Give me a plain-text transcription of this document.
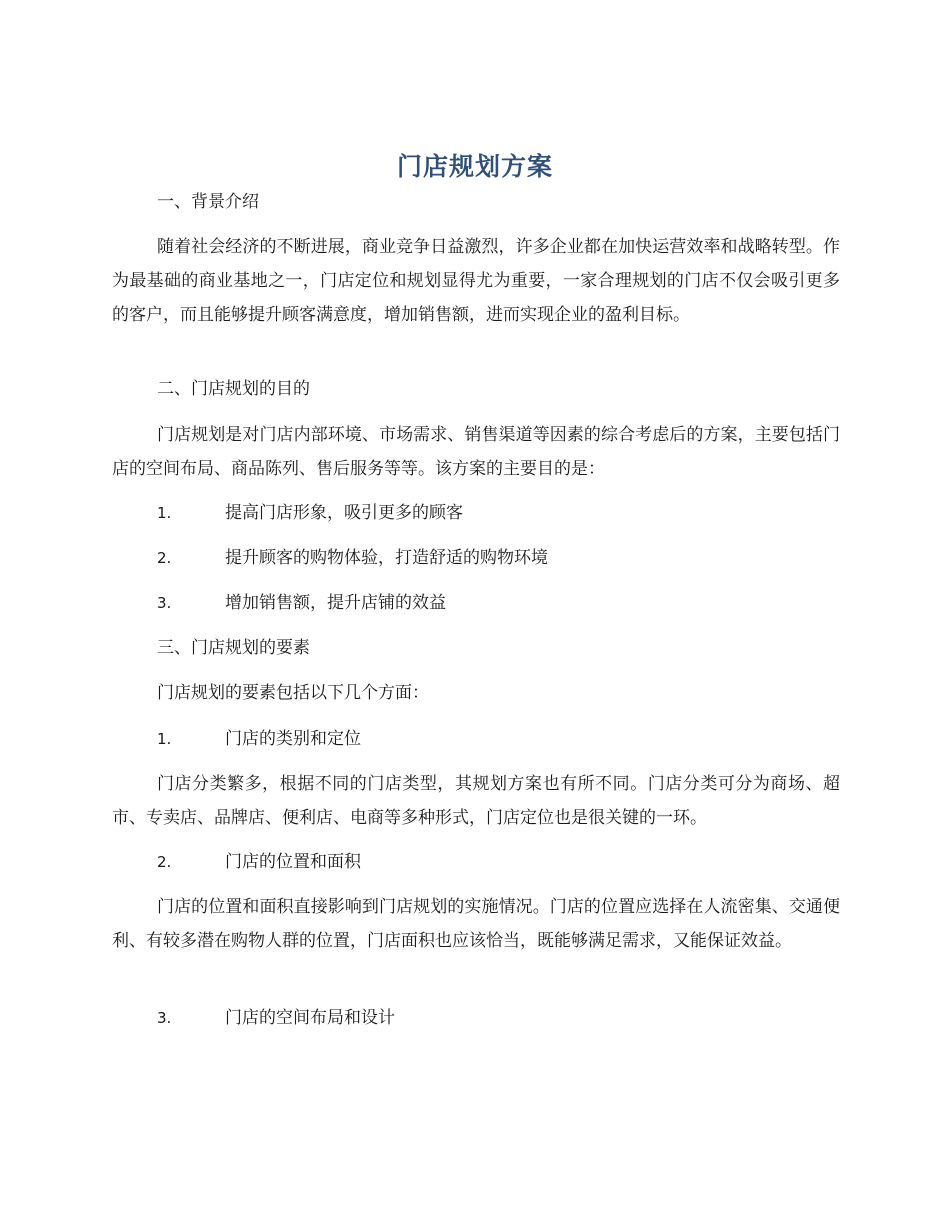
门店规划方案
一、背景介绍
随着社会经济的不断进展，商业竞争日益激烈，许多企业都在加快运营效率和战略转型。作为最基础的商业基地之一，门店定位和规划显得尤为重要，一家合理规划的门店不仅会吸引更多的客户，而且能够提升顾客满意度，增加销售额，进而实现企业的盈利目标。
二、门店规划的目的
门店规划是对门店内部环境、市场需求、销售渠道等因素的综合考虑后的方案，主要包括门店的空间布局、商品陈列、售后服务等等。该方案的主要目的是：
1.	提高门店形象，吸引更多的顾客
2.	提升顾客的购物体验，打造舒适的购物环境
3.	增加销售额，提升店铺的效益
三、门店规划的要素
门店规划的要素包括以下几个方面：
1.	门店的类别和定位
门店分类繁多，根据不同的门店类型，其规划方案也有所不同。门店分类可分为商场、超市、专卖店、品牌店、便利店、电商等多种形式，门店定位也是很关键的一环。
2.	门店的位置和面积
门店的位置和面积直接影响到门店规划的实施情况。门店的位置应选择在人流密集、交通便利、有较多潜在购物人群的位置，门店面积也应该恰当，既能够满足需求，又能保证效益。
3.	门店的空间布局和设计
